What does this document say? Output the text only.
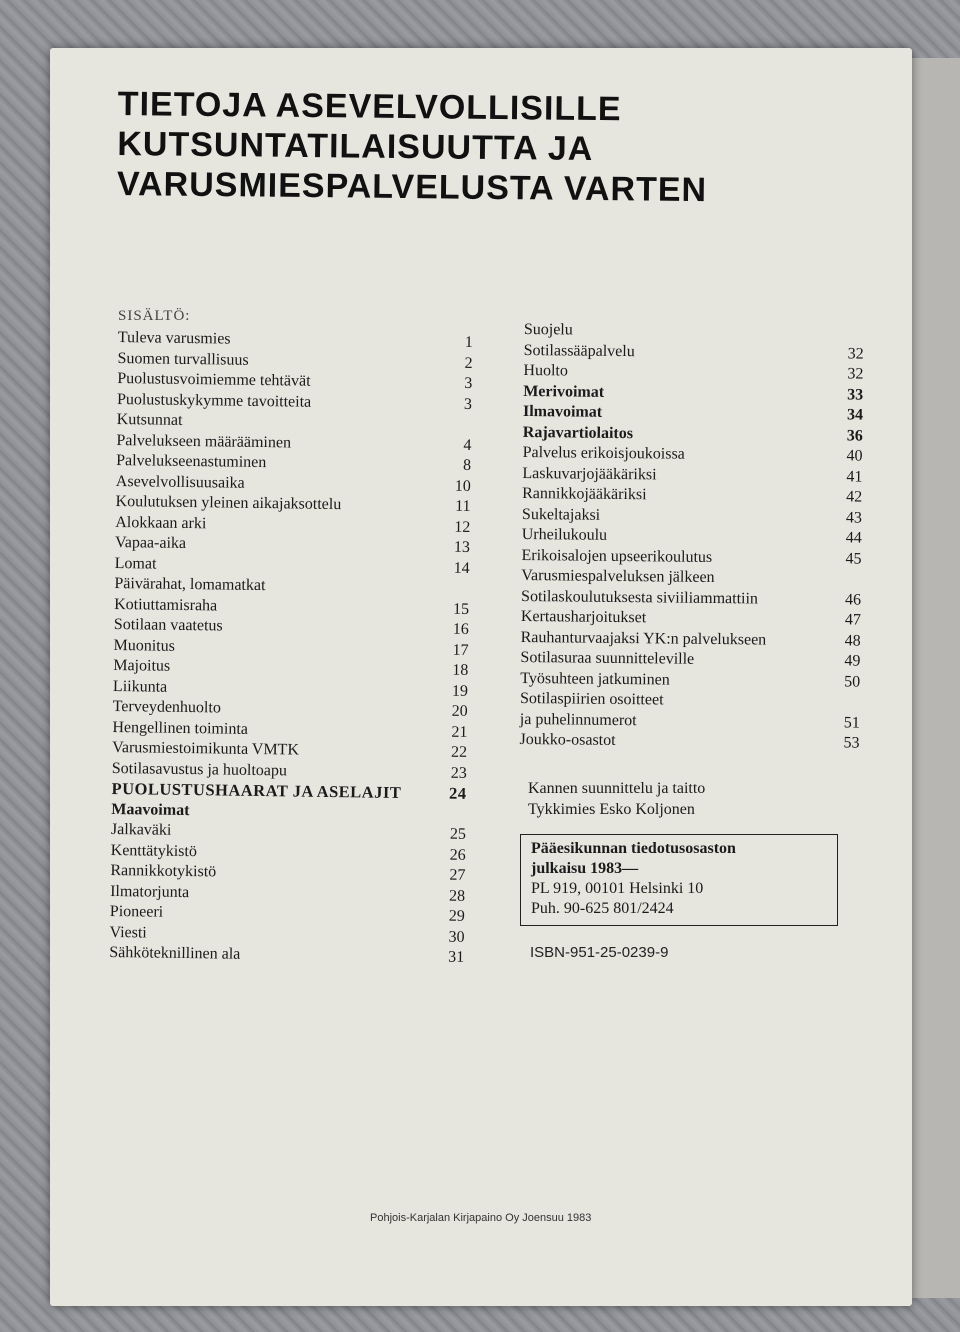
TIETOJA ASEVELVOLLISILLE
KUTSUNTATILAISUUTTA JA
VARUSMIESPALVELUSTA VARTEN
SISÄLTÖ:
Tuleva varusmies	1
Suomen turvallisuus	2
Puolustusvoimiemme tehtävät	3
Puolustuskykymme tavoitteita	3
Kutsunnat
Palvelukseen määrääminen	4
Palvelukseenastuminen	8
Asevelvollisuusaika	10
Koulutuksen yleinen aikajaksottelu	11
Alokkaan arki	12
Vapaa-aika	13
Lomat	14
Päivärahat, lomamatkat
Kotiuttamisraha	15
Sotilaan vaatetus	16
Muonitus	17
Majoitus	18
Liikunta	19
Terveydenhuolto	20
Hengellinen toiminta	21
Varusmiestoimikunta VMTK	22
Sotilasavustus ja huoltoapu	23
PUOLUSTUSHAARAT JA ASELAJIT	24
Maavoimat
Jalkaväki	25
Kenttätykistö	26
Rannikkotykistö	27
Ilmatorjunta	28
Pioneeri	29
Viesti	30
Sähköteknillinen ala	31
Suojelu
Sotilassääpalvelu	32
Huolto	32
Merivoimat	33
Ilmavoimat	34
Rajavartiolaitos	36
Palvelus erikoisjoukoissa	40
Laskuvarjojääkäriksi	41
Rannikkojääkäriksi	42
Sukeltajaksi	43
Urheilukoulu	44
Erikoisalojen upseerikoulutus	45
Varusmiespalveluksen jälkeen
Sotilaskoulutuksesta siviiliammattiin	46
Kertausharjoitukset	47
Rauhanturvaajaksi YK:n palvelukseen	48
Sotilasuraa suunnitteleville	49
Työsuhteen jatkuminen	50
Sotilaspiirien osoitteet
ja puhelinnumerot	51
Joukko-osastot	53
Kannen suunnittelu ja taitto
Tykkimies Esko Koljonen
Pääesikunnan tiedotusosaston
julkaisu 1983—
PL 919, 00101 Helsinki 10
Puh. 90-625 801/2424
ISBN-951-25-0239-9
Pohjois-Karjalan Kirjapaino Oy Joensuu 1983
